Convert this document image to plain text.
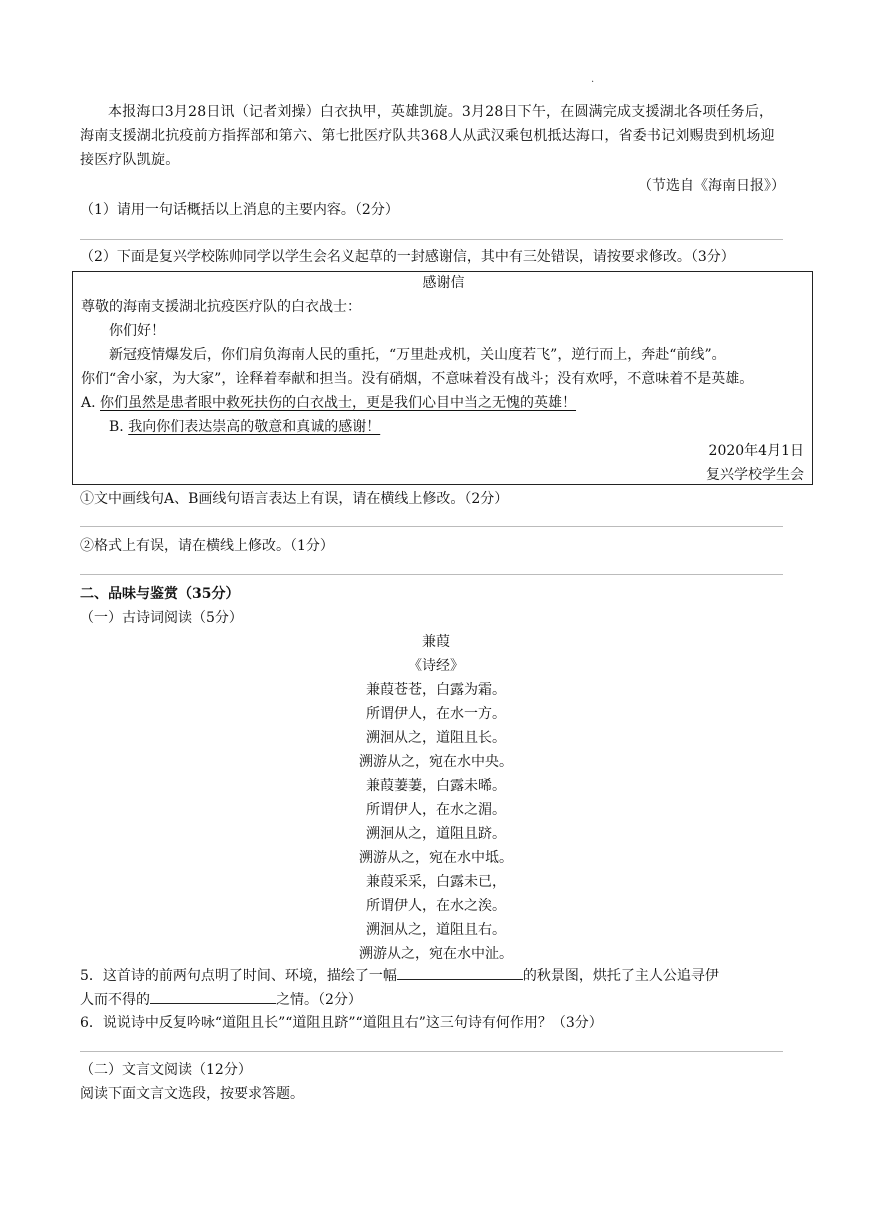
.

本报海口3月28日讯（记者刘操）白衣执甲，英雄凯旋。3月28日下午，在圆满完成支援湖北各项任务后，海南支援湖北抗疫前方指挥部和第六、第七批医疗队共368人从武汉乘包机抵达海口，省委书记刘赐贵到机场迎接医疗队凯旋。

（节选自《海南日报》）
（1）请用一句话概括以上消息的主要内容。（2分）
（2）下面是复兴学校陈帅同学以学生会名义起草的一封感谢信，其中有三处错误，请按要求修改。（3分）
感谢信
尊敬的海南支援湖北抗疫医疗队的白衣战士：
你们好！
新冠疫情爆发后，你们肩负海南人民的重托，“万里赴戎机，关山度若飞”，逆行而上，奔赴“前线”。
你们“舍小家，为大家”，诠释着奉献和担当。没有硝烟，不意味着没有战斗；没有欢呼，不意味着不是英雄。
A. 你们虽然是患者眼中救死扶伤的白衣战士，更是我们心目中当之无愧的英雄！
B. 我向你们表达崇高的敬意和真诚的感谢！
2020年4月1日
复兴学校学生会
①文中画线句A、B画线句语言表达上有误，请在横线上修改。（2分）
②格式上有误，请在横线上修改。（1分）
二、品味与鉴赏（35分）
（一）古诗词阅读（5分）
兼葭
《诗经》
兼葭苍苍，白露为霜。
所谓伊人，在水一方。
溯洄从之，道阻且长。
溯游从之，宛在水中央。
兼葭萋萋，白露未晞。
所谓伊人，在水之湄。
溯洄从之，道阻且跻。
溯游从之，宛在水中坻。
兼葭采采，白露未已，
所谓伊人，在水之涘。
溯洄从之，道阻且右。
溯游从之，宛在水中沚。
5．这首诗的前两句点明了时间、环境，描绘了一幅	的秋景图，烘托了主人公追寻伊
人而不得的	之情。（2分）
6．说说诗中反复吟咏“道阻且长”“道阻且跻”“道阻且右”这三句诗有何作用？（3分）
（二）文言文阅读（12分）
阅读下面文言文选段，按要求答题。
